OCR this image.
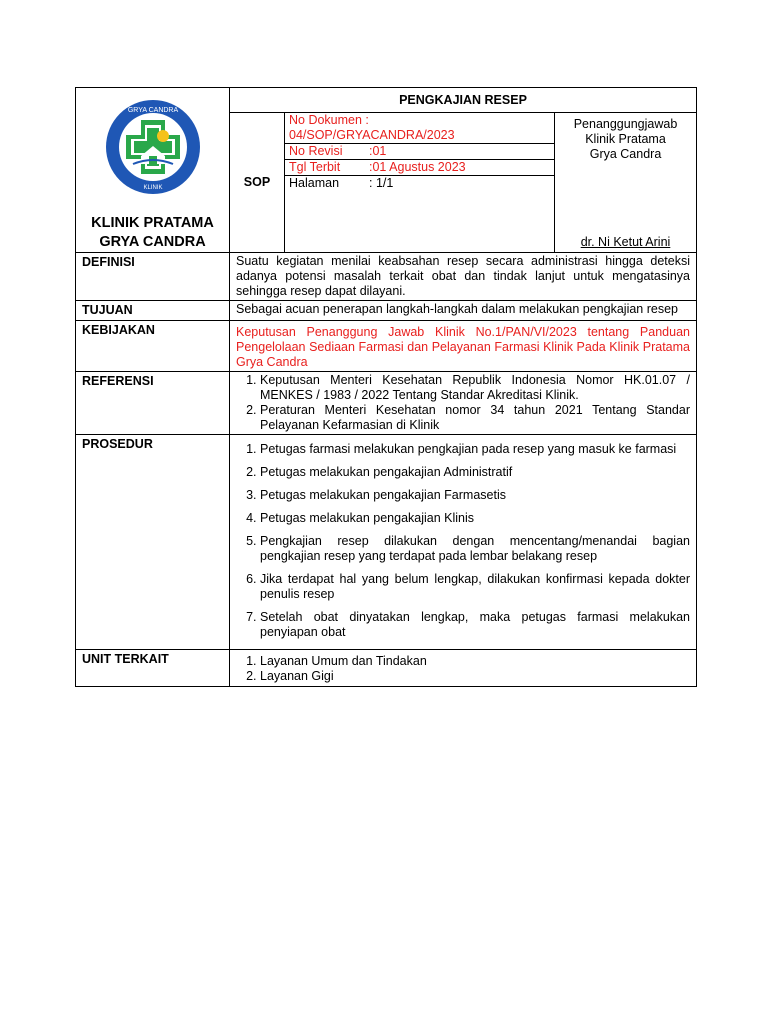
GRYA CANDRA
KLINIK
KLINIK PRATAMA
GRYA CANDRA
	PENGKAJIAN RESEP
SOP	
No Dokumen :
04/SOP/GRYACANDRA/2023

No Revisi :01
Tgl Terbit :01 Agustus 2023
Halaman : 1/1

Penanggungjawab
Klinik Pratama
Grya Candra
dr. Ni Ketut Arini

DEFINISI	Suatu kegiatan menilai keabsahan resep secara administrasi hingga deteksi adanya potensi masalah terkait obat dan tindak lanjut untuk mengatasinya sehingga resep dapat dilayani.
TUJUAN	Sebagai acuan penerapan langkah-langkah dalam melakukan pengkajian resep
KEBIJAKAN	Keputusan Penanggung Jawab Klinik No.1/PAN/VI/2023 tentang Panduan Pengelolaan Sediaan Farmasi dan Pelayanan Farmasi Klinik Pada Klinik Pratama Grya Candra
REFERENSI	
1.Keputusan Menteri Kesehatan Republik Indonesia Nomor HK.01.07 / MENKES / 1983 / 2022 Tentang Standar Akreditasi Klinik.
2. Peraturan Menteri Kesehatan nomor 34 tahun 2021 Tentang Standar Pelayanan Kefarmasian di Klinik

PROSEDUR	
1.Petugas farmasi melakukan pengkajian pada resep yang masuk ke farmasi
2. Petugas melakukan pengakajian Administratif
3. Petugas melakukan pengakajian Farmasetis
4. Petugas melakukan pengakajian Klinis
5. Pengkajian resep dilakukan dengan mencentang/menandai bagian pengkajian resep yang terdapat pada lembar belakang resep
6. Jika terdapat hal yang belum lengkap, dilakukan konfirmasi kepada dokter penulis resep
7. Setelah obat dinyatakan lengkap, maka petugas farmasi melakukan penyiapan obat

UNIT TERKAIT	
1.Layanan Umum dan Tindakan
2. Layanan Gigi
